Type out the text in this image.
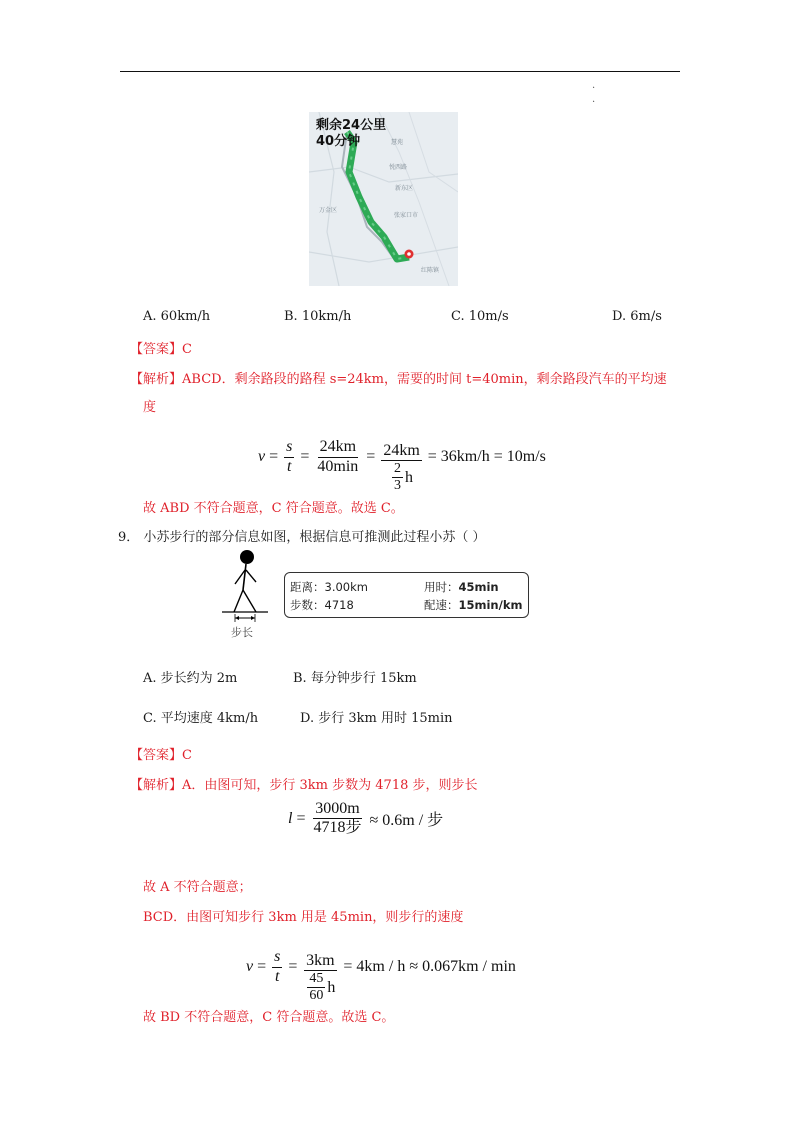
.
.
慧苑
悦西路
新东区
万金区
张家口市
红陈镇
剩余24公里
40分钟
A. 60km/h	B. 10km/h	C. 10m/s	D. 6m/s
【答案】C
【解析】ABCD．剩余路段的路程 s=24km，需要的时间 t=40min，剩余路段汽车的平均速
度
$v = \frac{s}{t} = \frac{24km}{40\min} = \frac{24km}{\frac{2}{3} h}$
= 36km/h = 10m/s
故 ABD 不符合题意，C 符合题意。故选 C。
9． 小苏步行的部分信息如图，根据信息可推测此过程小苏（ ）
步长
距离：3.00km
步数：4718
用时：45min
配速：15min/km
A. 步长约为 2m	B. 每分钟步行 15km
C. 平均速度 4km/h	D. 步行 3km 用时 15min
【答案】C
【解析】A．由图可知，步行 3km 步数为 4718 步，则步长
$l = \frac{3000m}{\text{4718步}}$
≈ 0.6m / 步
故 A 不符合题意；
BCD．由图可知步行 3km 用是 45min，则步行的速度
$v = \frac{s}{t} = \frac{3km}{\frac{45}{60} h}$
= 4km / h ≈ 0.067km / min
故 BD 不符合题意，C 符合题意。故选 C。
